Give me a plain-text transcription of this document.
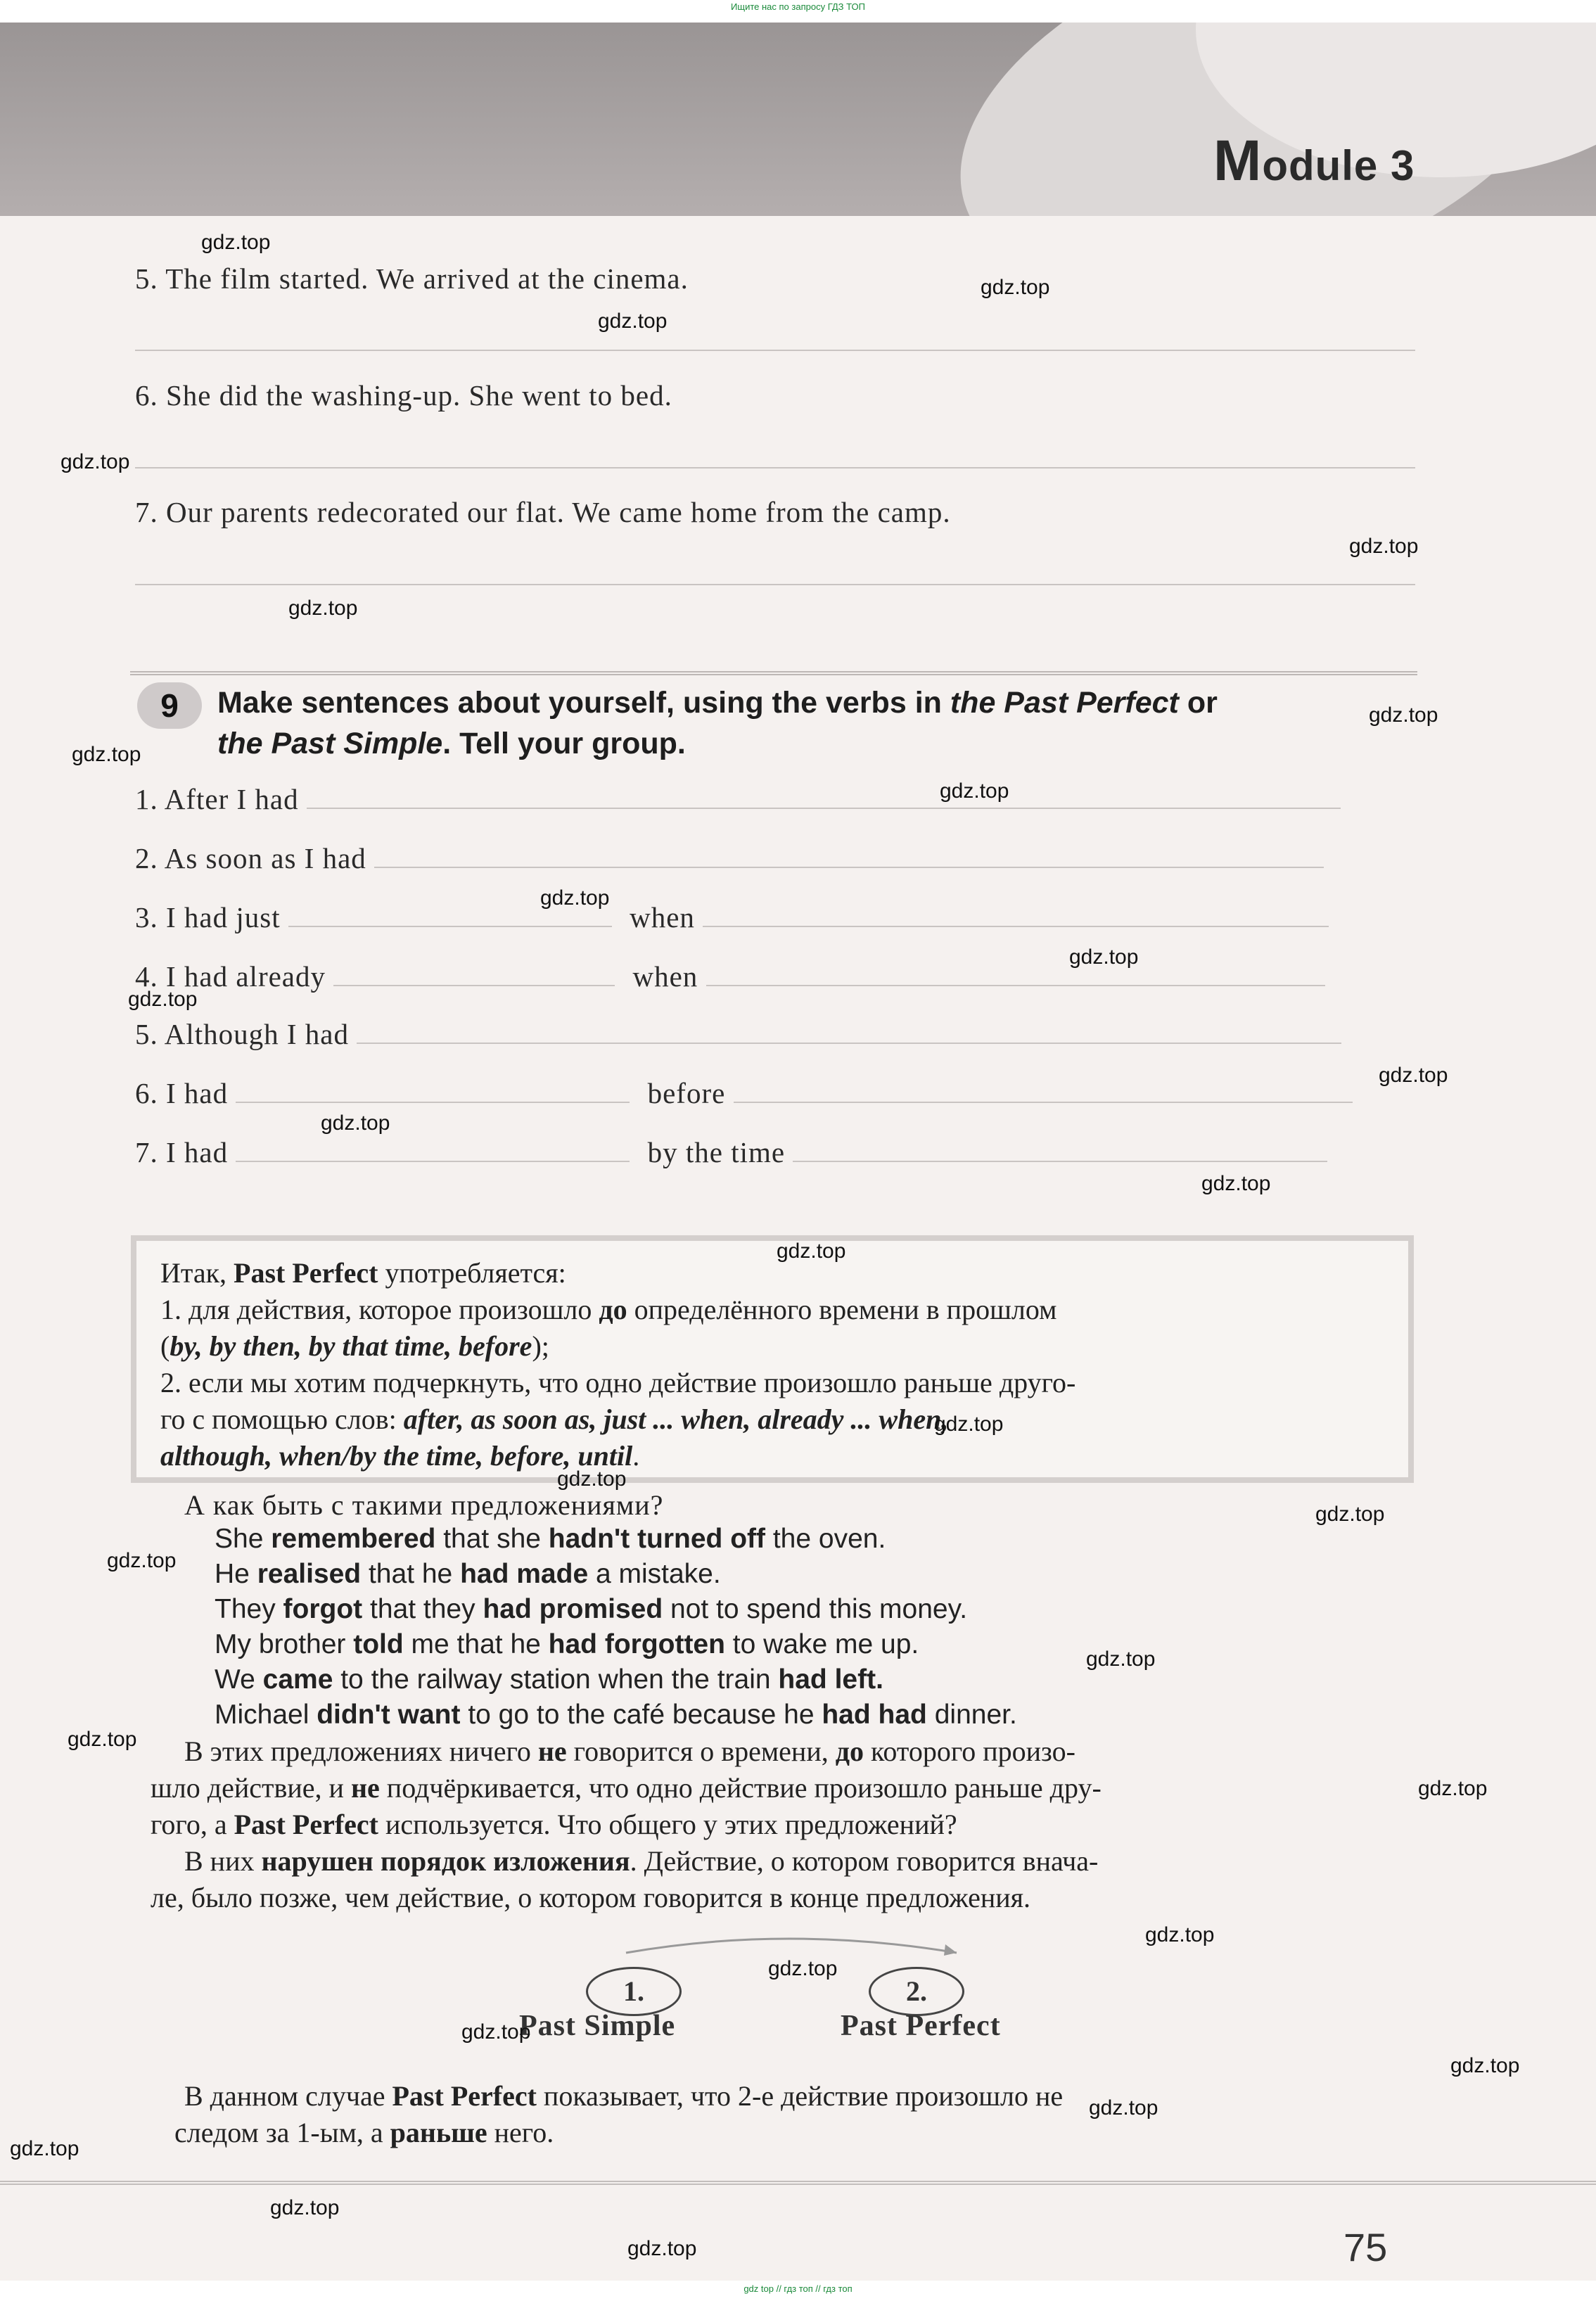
Ищите нас по запросу ГДЗ ТОП
Module 3
5. The film started. We arrived at the cinema.
6. She did the washing-up. She went to bed.
7. Our parents redecorated our flat. We came home from the camp.
9	Make sentences about yourself, using the verbs in the Past Perfect or
the Past Simple. Tell your group.
1. After I had
2. As soon as I had
3. I had just	when
4. I had already	when
5. Although I had
6. I had	before
7. I had	by the time
Итак, Past Perfect употребляется:
1. для действия, которое произошло до определённого времени в прошлом
(by, by then, by that time, before);
2. если мы хотим подчеркнуть, что одно действие произошло раньше друго-
го с помощью слов: after, as soon as, just ... when, already ... when,
although, when/by the time, before, until.
А как быть с такими предложениями?
She remembered that she hadn't turned off the oven.
He realised that he had made a mistake.
They forgot that they had promised not to spend this money.
My brother told me that he had forgotten to wake me up.
We came to the railway station when the train had left.
Michael didn't want to go to the café because he had had dinner.
В этих предложениях ничего не говорится о времени, до которого произо-
шло действие, и не подчёркивается, что одно действие произошло раньше дру-
гого, а Past Perfect используется. Что общего у этих предложений?
В них нарушен порядок изложения. Действие, о котором говорится внача-
ле, было позже, чем действие, о котором говорится в конце предложения.
1.	2.
Past Simple	Past Perfect
В данном случае Past Perfect показывает, что 2-е действие произошло не
следом за 1-ым, а раньше него.
75
gdz.top
gdz.top
gdz.top
gdz.top
gdz.top
gdz.top
gdz.top
gdz.top
gdz.top
gdz.top
gdz.top
gdz.top
gdz.top
gdz.top
gdz.top
gdz.top
gdz.top
gdz.top
gdz.top
gdz.top
gdz.top
gdz.top
gdz.top
gdz.top
gdz.top
gdz.top
gdz.top
gdz.top
gdz.top
gdz.top
gdz.top
gdz top // гдз топ // гдз топ
